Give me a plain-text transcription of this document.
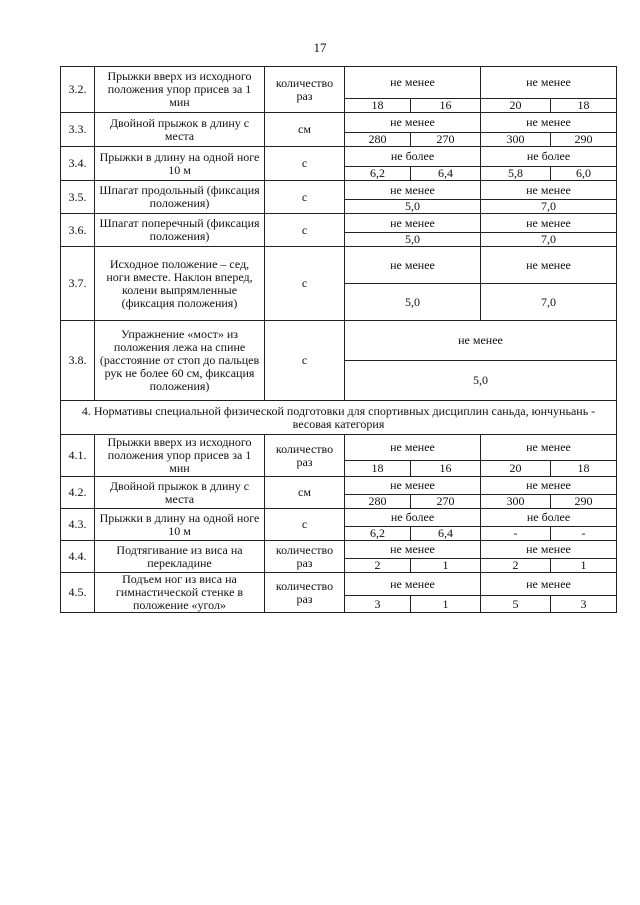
17
3.2.	Прыжки вверх из исходного положения упор присев за 1 мин	количество раз	не менее		не менее	
			18	16	20	18
3.3.	Двойной прыжок в длину с места	см	не менее		не менее	
			280	270	300	290
3.4.	Прыжки в длину на одной ноге 10 м	с	не более		не более	
			6,2	6,4	5,8	6,0
3.5.	Шпагат продольный (фиксация положения)	с	не менее		не менее	
			5,0		7,0	
3.6.	Шпагат поперечный (фиксация положения)	с	не менее		не менее	
			5,0		7,0	
3.7.	Исходное положение – сед, ноги вместе. Наклон вперед, колени выпрямленные (фиксация положения)	с	не менее		не менее	
			5,0		7,0	
3.8.	Упражнение «мост» из положения лежа на спине (расстояние от стоп до пальцев рук не более 60 см, фиксация положения)	с	не менее			
			5,0			
4. Нормативы специальной физической подготовки для спортивных дисциплин саньда, юнчуньань - весовая категория						
4.1.	Прыжки вверх из исходного положения упор присев за 1 мин	количество раз	не менее		не менее	
			18	16	20	18
4.2.	Двойной прыжок в длину с места	см	не менее		не менее	
			280	270	300	290
4.3.	Прыжки в длину на одной ноге 10 м	с	не более		не более	
			6,2	6,4	-	-
4.4.	Подтягивание из виса на перекладине	количество раз	не менее		не менее	
			2	1	2	1
4.5.	Подъем ног из виса на гимнастической стенке в положение «угол»	количество раз	не менее		не менее	
			3	1	5	3
